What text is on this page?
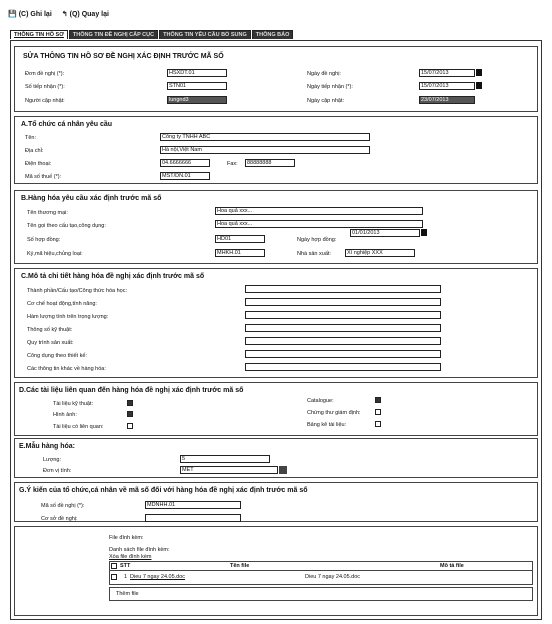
💾 (C) Ghi lại ↰ (Q) Quay lại
THÔNG TIN HỒ SƠ	THÔNG TIN ĐỀ NGHỊ CẤP CỤC	THÔNG TIN YÊU CẦU BỔ SUNG	THÔNG BÁO
SỬA THÔNG TIN HỒ SƠ ĐỀ NGHỊ XÁC ĐỊNH TRƯỚC MÃ SỐ
Đơn đề nghị (*):	HSXDT.01
Số tiếp nhận (*):	STN01
Người cập nhật:	lungnd3
Ngày đề nghị:	15/07/2013
Ngày tiếp nhận (*):	15/07/2013
Ngày cập nhật:	23/07/2013
A.Tổ chức cá nhân yêu cầu
Tên:	Công ty TNHH ABC
Địa chỉ:	Hà nội,Việt Nam
Điện thoại:	04.6666666	Fax:	88888888
Mã số thuế (*):	MST/DN.01
B.Hàng hóa yêu cầu xác định trước mã số
Tên thương mại:	Hoa quả xxx...
Tên gọi theo cấu tạo,công dụng:	Hoa quả xxx...
Số hợp đồng:	HD01	Ngày hợp đồng:
01/01/2013
Ký,mã hiệu,chủng loại:	MHKH.01	Nhà sản xuất:	Xí nghiệp XXX
C.Mô tả chi tiết hàng hóa đề nghị xác định trước mã số
Thành phần/Cấu tạo/Công thức hóa học:
Cơ chế hoạt động,tính năng:
Hàm lượng tính trên trọng lượng:
Thông số kỹ thuật:
Quy trình sản xuất:
Công dụng theo thiết kế:
Các thông tin khác về hàng hóa:
D.Các tài liệu liên quan đến hàng hóa đề nghị xác định trước mã số
Tài liệu kỹ thuật:
Hình ảnh:
Tài liệu có liên quan:
Catalogue:
Chứng thư giám định:
Bảng kê tài liệu:
E.Mẫu hàng hóa:
Lượng:	5
Đơn vị tính:	MET
G.Ý kiến của tổ chức,cá nhân về mã số đối với hàng hóa đề nghị xác định trước mã số
Mã số đề nghị (*):	MDNHH.01
Cơ sở đề nghị:
File đính kèm:
Danh sách file đính kèm:
Xóa file đính kèm
STT	Tên file	Mô tả file
1 Dieu 7 ngay 24.05.doc	Dieu 7 ngay 24.05.doc
Thêm file
